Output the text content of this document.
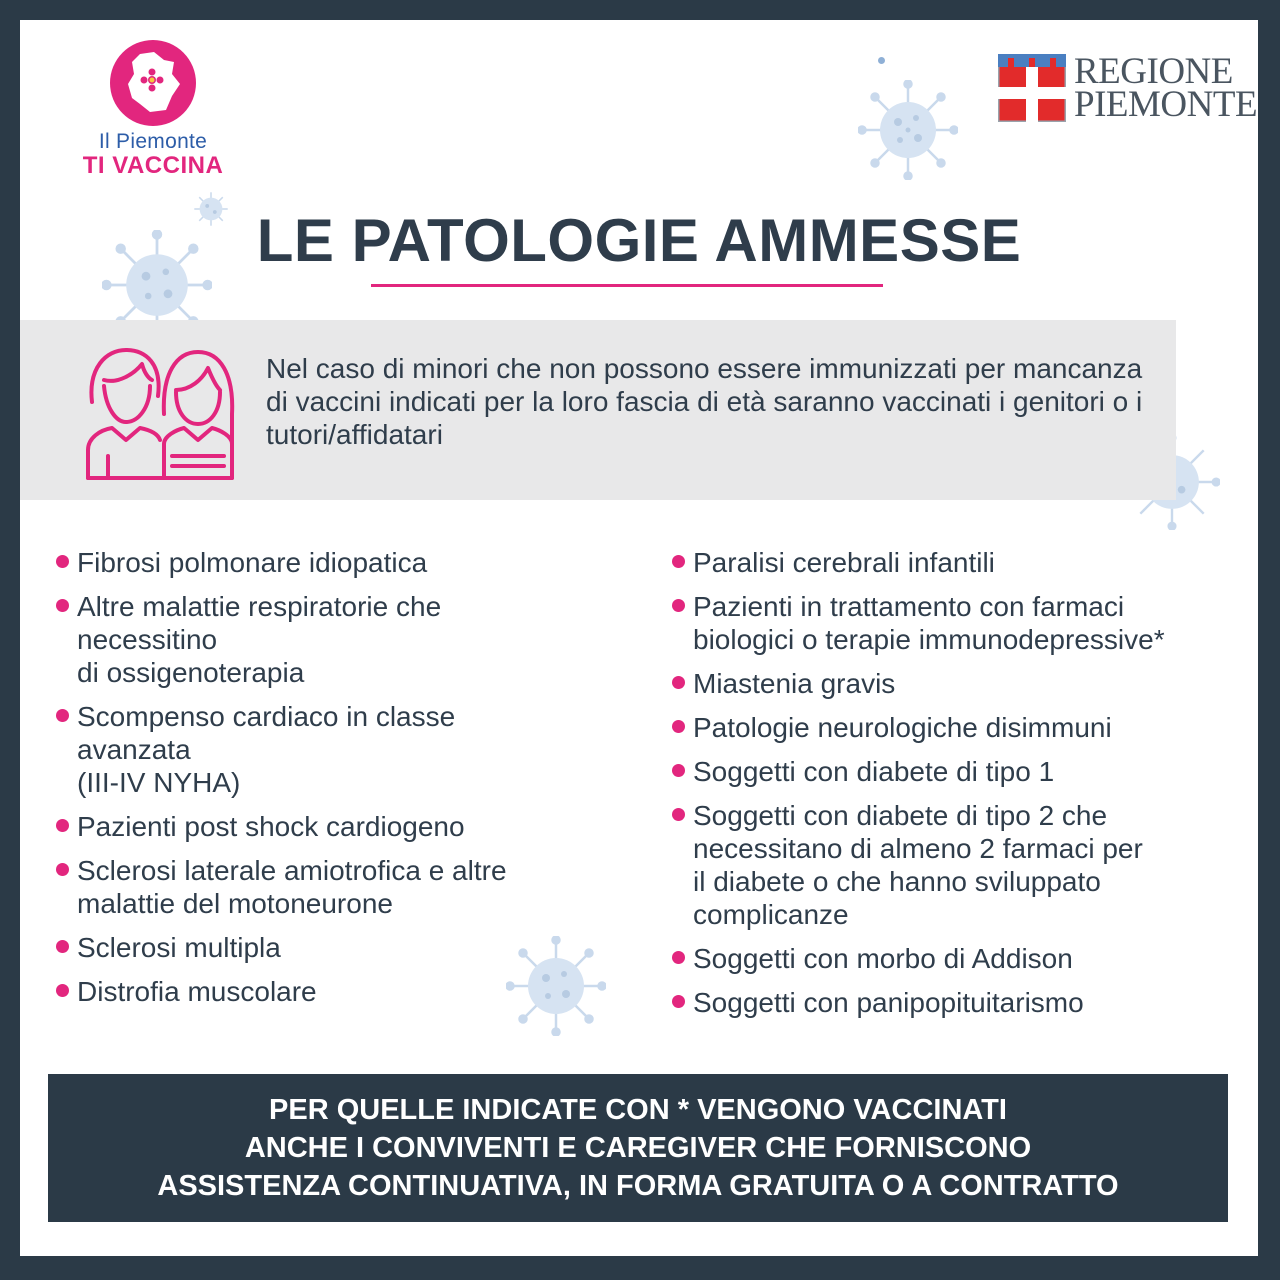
Il Piemonte
TI VACCINA
REGIONE
PIEMONTE
LE PATOLOGIE AMMESSE
Nel caso di minori che non possono essere immunizzati per mancanza di vaccini indicati per la loro fascia di età saranno vaccinati i genitori o i tutori/affidatari
Fibrosi polmonare idiopatica
Altre malattie respiratorie che
necessitino
di ossigenoterapia
Scompenso cardiaco in classe
avanzata
(III-IV NYHA)
Pazienti post shock cardiogeno
Sclerosi laterale amiotrofica e altre
malattie del motoneurone
Sclerosi multipla
Distrofia muscolare
Paralisi cerebrali infantili
Pazienti in trattamento con farmaci
biologici o terapie immunodepressive*
Miastenia gravis
Patologie neurologiche disimmuni
Soggetti con diabete di tipo 1
Soggetti con diabete di tipo 2 che
necessitano di almeno 2 farmaci per
il diabete o che hanno sviluppato
complicanze
Soggetti con morbo di Addison
Soggetti con panipopituitarismo
PER QUELLE INDICATE CON * VENGONO VACCINATI
ANCHE I CONVIVENTI E CAREGIVER CHE FORNISCONO
ASSISTENZA CONTINUATIVA, IN FORMA GRATUITA O A CONTRATTO
